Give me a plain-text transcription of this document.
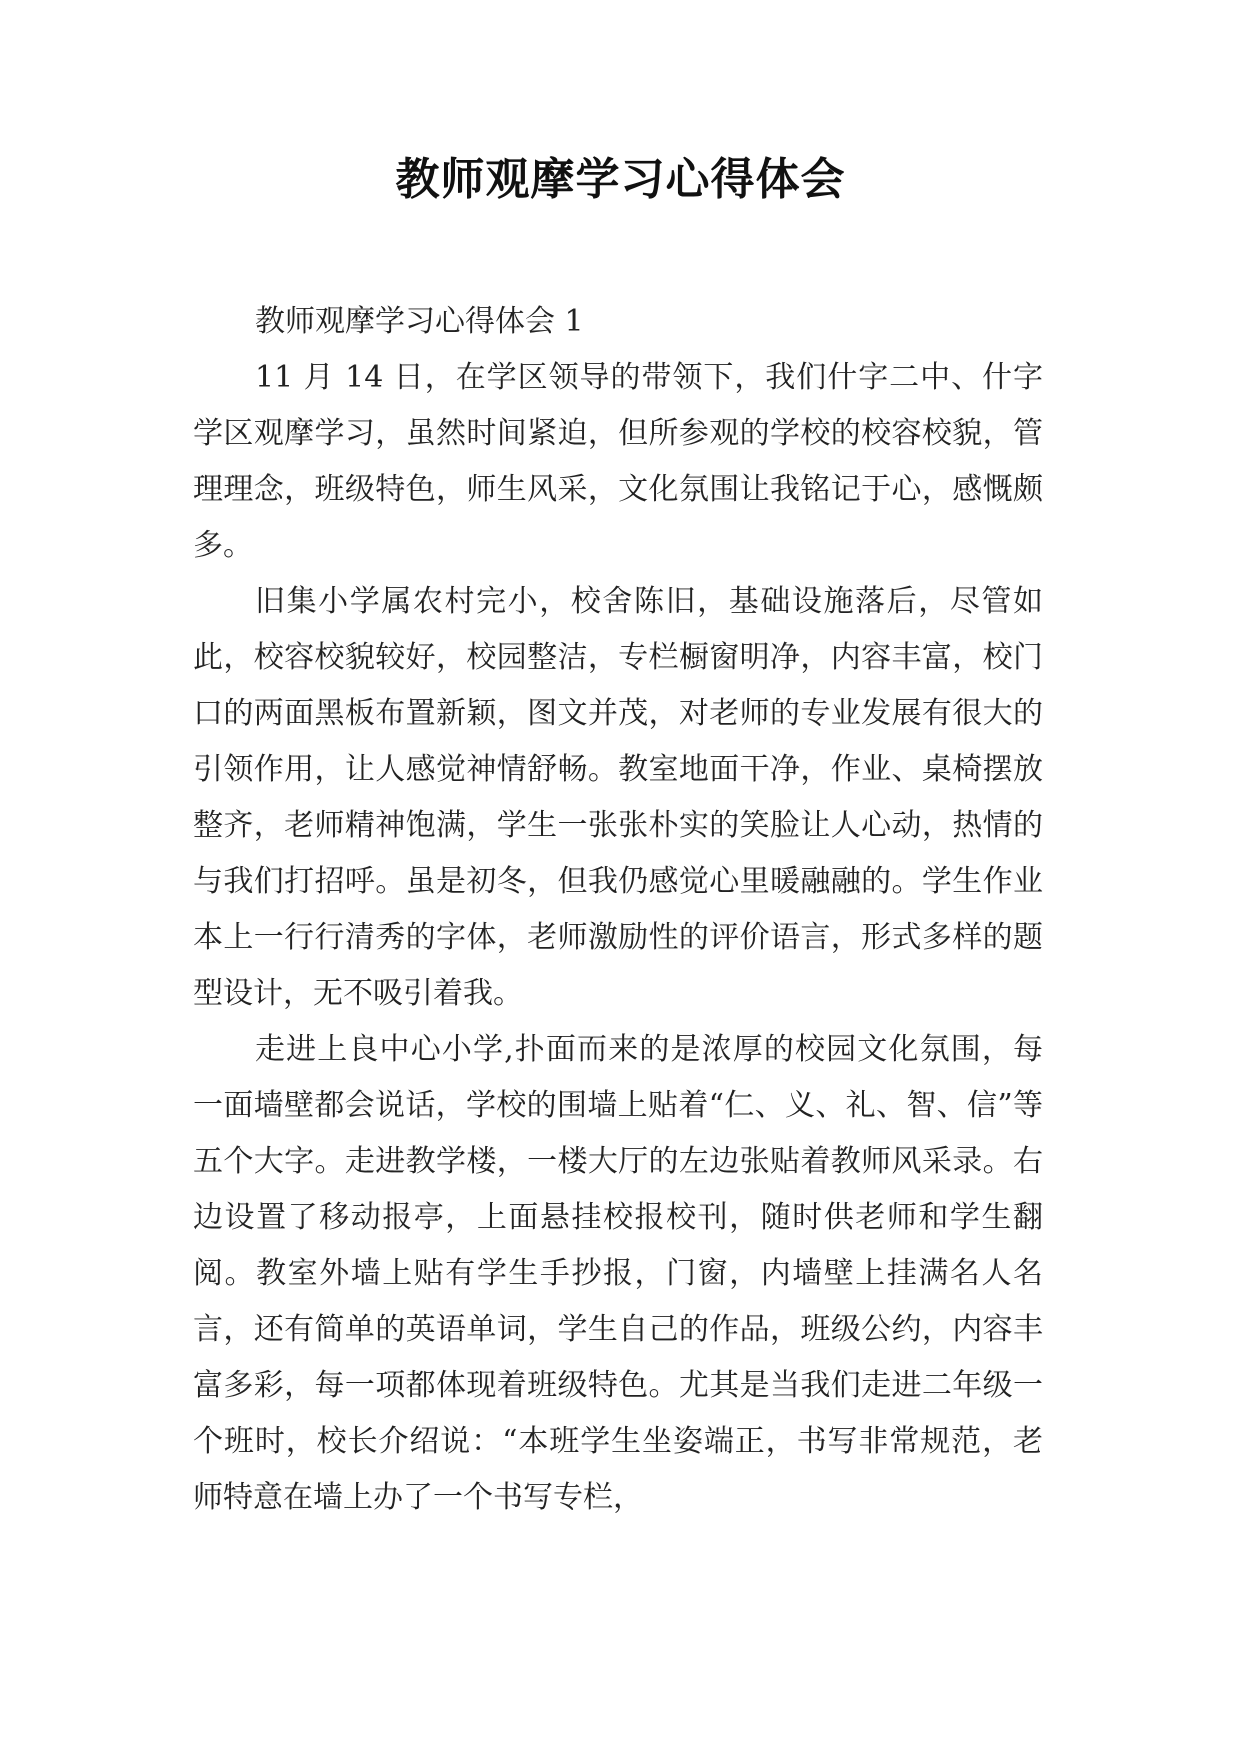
教师观摩学习心得体会

教师观摩学习心得体会 1

11 月 14 日，在学区领导的带领下，我们什字二中、什字学区观摩学习，虽然时间紧迫，但所参观的学校的校容校貌，管理理念，班级特色，师生风采，文化氛围让我铭记于心，感慨颇多。

旧集小学属农村完小，校舍陈旧，基础设施落后，尽管如此，校容校貌较好，校园整洁，专栏橱窗明净，内容丰富，校门口的两面黑板布置新颖，图文并茂，对老师的专业发展有很大的引领作用，让人感觉神情舒畅。教室地面干净，作业、桌椅摆放整齐，老师精神饱满，学生一张张朴实的笑脸让人心动，热情的与我们打招呼。虽是初冬，但我仍感觉心里暖融融的。学生作业本上一行行清秀的字体，老师激励性的评价语言，形式多样的题型设计，无不吸引着我。

走进上良中心小学,扑面而来的是浓厚的校园文化氛围，每一面墙壁都会说话，学校的围墙上贴着“仁、义、礼、智、信”等五个大字。走进教学楼，一楼大厅的左边张贴着教师风采录。右边设置了移动报亭，上面悬挂校报校刊，随时供老师和学生翻阅。教室外墙上贴有学生手抄报，门窗，内墙壁上挂满名人名言，还有简单的英语单词，学生自己的作品，班级公约，内容丰富多彩，每一项都体现着班级特色。尤其是当我们走进二年级一个班时，校长介绍说：“本班学生坐姿端正，书写非常规范，老师特意在墙上办了一个书写专栏，
